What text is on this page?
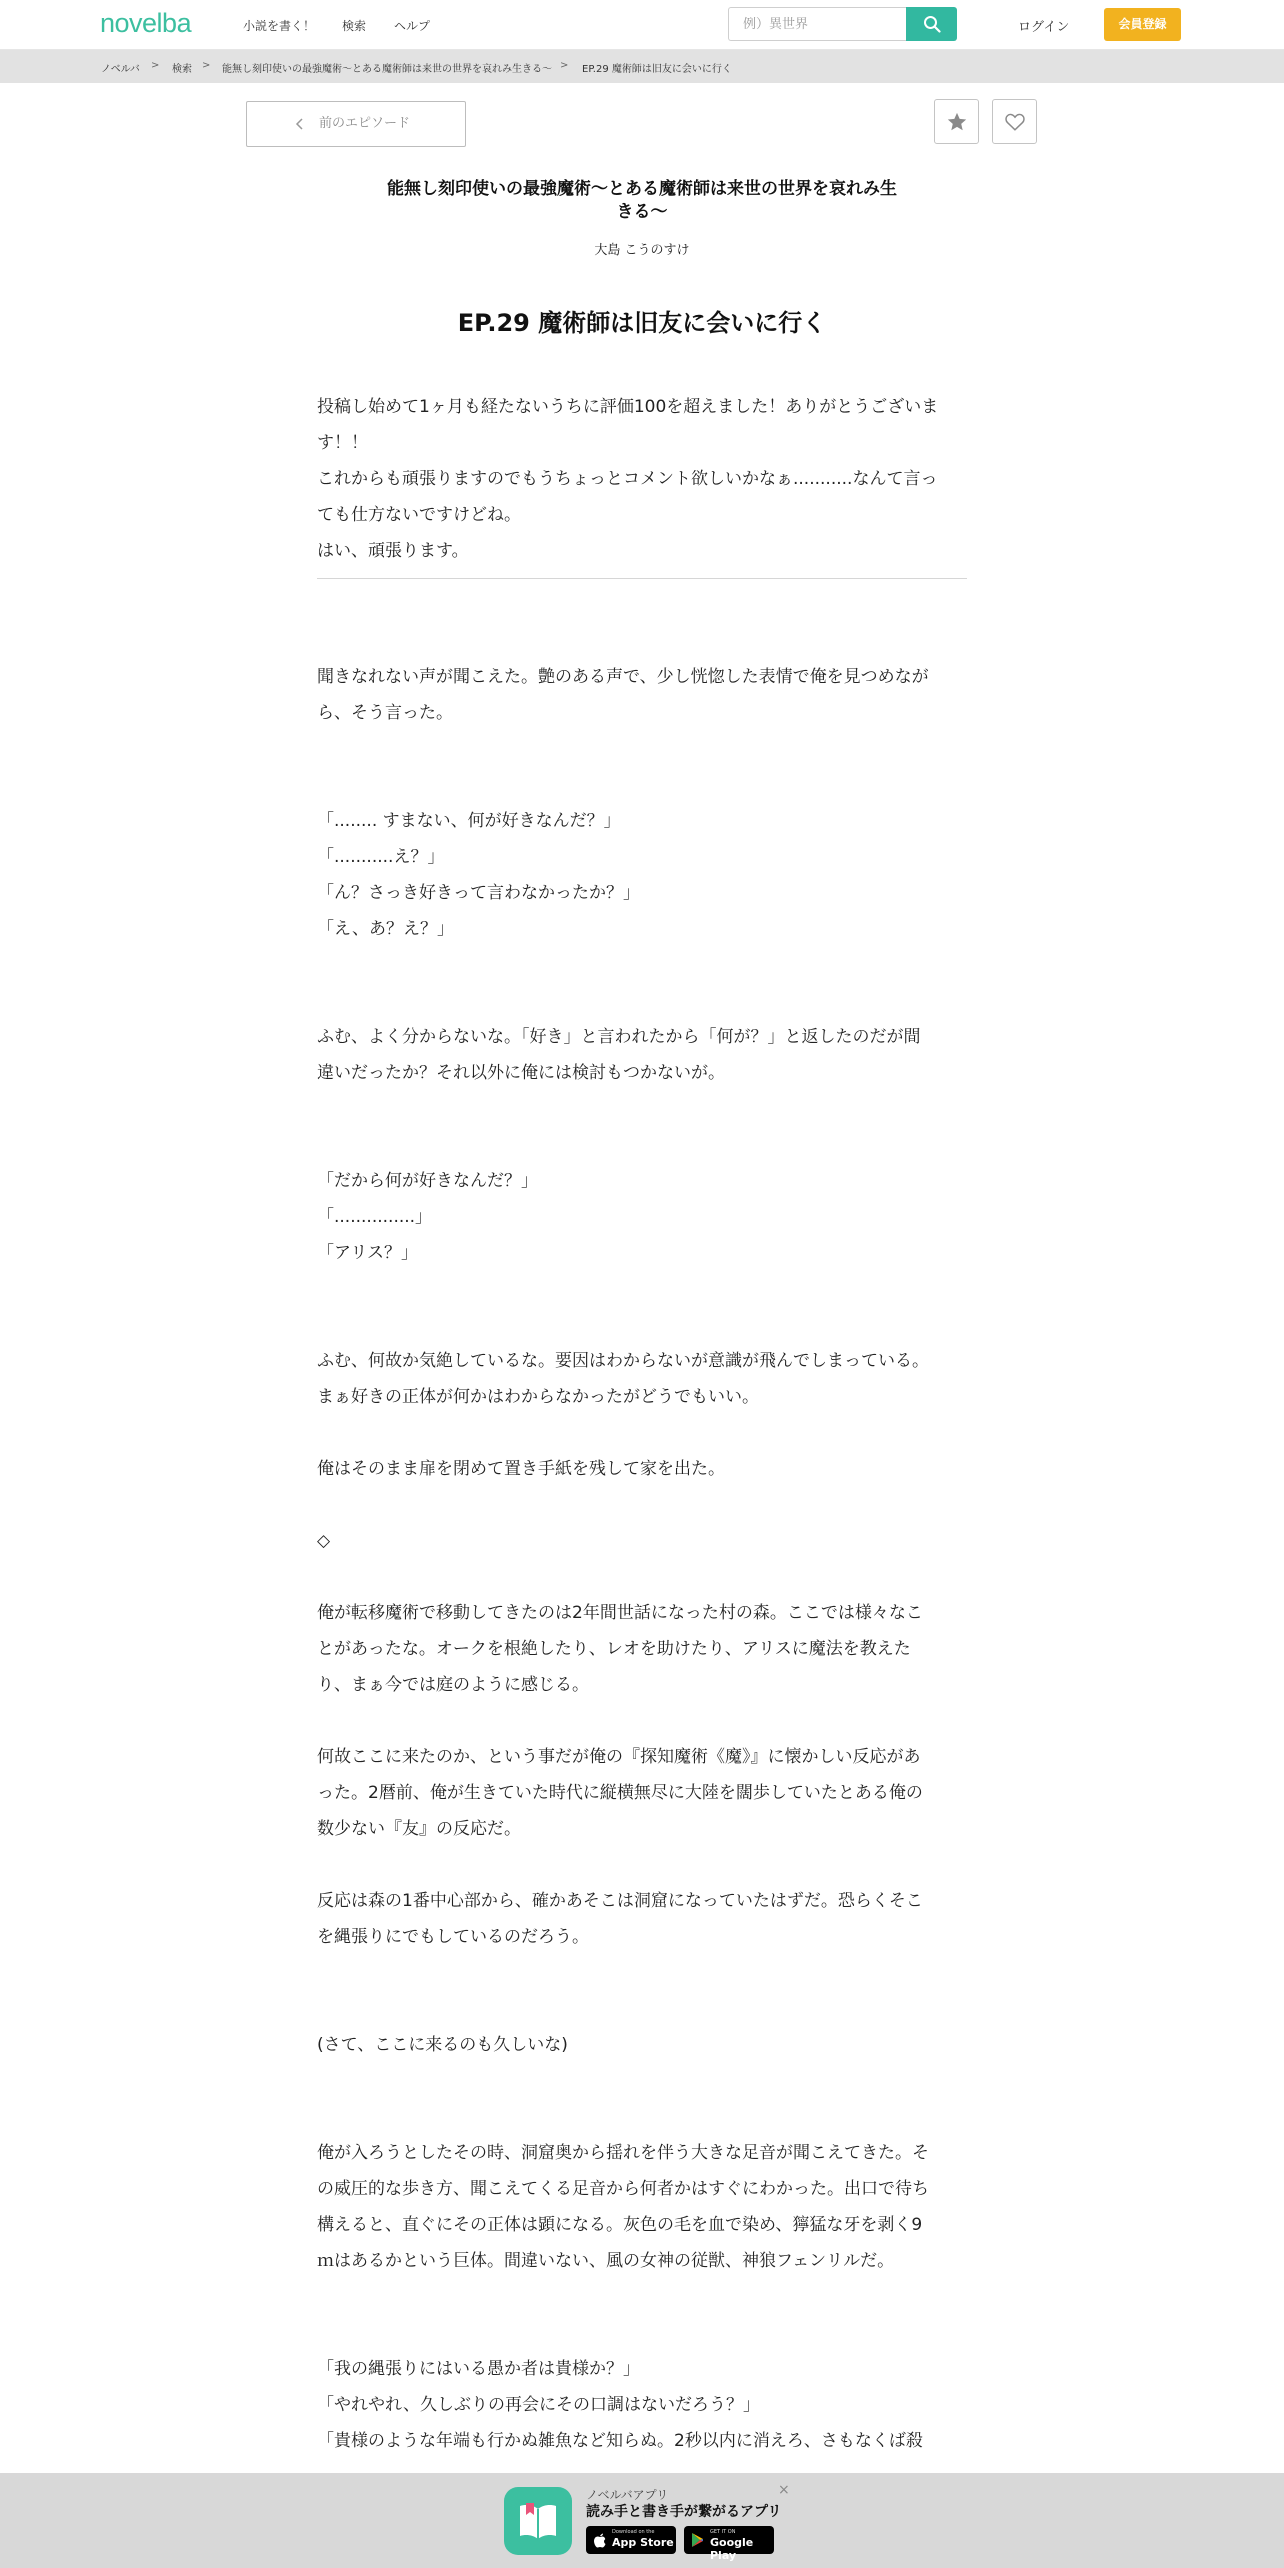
novelba	小説を書く！ 検索 ヘルプ
例）異世界	ログイン	会員登録
ノベルバ > 検索 > 能無し刻印使いの最強魔術〜とある魔術師は来世の世界を哀れみ生きる〜 > EP.29 魔術師は旧友に会いに行く
前のエピソード
能無し刻印使いの最強魔術〜とある魔術師は来世の世界を哀れみ生
きる〜
大島 こうのすけ
EP.29 魔術師は旧友に会いに行く
投稿し始めて1ヶ月も経たないうちに評価100を超えました！ありがとうございま
す！！
これからも頑張りますのでもうちょっとコメント欲しいかなぁ...........なんて言っ
ても仕方ないですけどね。
はい、頑張ります。
聞きなれない声が聞こえた。艶のある声で、少し恍惚した表情で俺を見つめなが
ら、そう言った。
「........ すまない、何が好きなんだ？」
「...........え？」
「ん？さっき好きって言わなかったか？」
「え、あ？え？」
ふむ、よく分からないな。「好き」と言われたから「何が？」と返したのだが間
違いだったか？それ以外に俺には検討もつかないが。
「だから何が好きなんだ？」
「...............」
「アリス？」
ふむ、何故か気絶しているな。要因はわからないが意識が飛んでしまっている。
まぁ好きの正体が何かはわからなかったがどうでもいい。
俺はそのまま扉を閉めて置き手紙を残して家を出た。
◇
俺が転移魔術で移動してきたのは2年間世話になった村の森。ここでは様々なこ
とがあったな。オークを根絶したり、レオを助けたり、アリスに魔法を教えた
り、まぁ今では庭のように感じる。
何故ここに来たのか、という事だが俺の『探知魔術《魔》』に懐かしい反応があ
った。2暦前、俺が生きていた時代に縦横無尽に大陸を闊歩していたとある俺の
数少ない『友』の反応だ。
反応は森の1番中心部から、確かあそこは洞窟になっていたはずだ。恐らくそこ
を縄張りにでもしているのだろう。
(さて、ここに来るのも久しいな)
俺が入ろうとしたその時、洞窟奥から揺れを伴う大きな足音が聞こえてきた。そ
の威圧的な歩き方、聞こえてくる足音から何者かはすぐにわかった。出口で待ち
構えると、直ぐにその正体は顕になる。灰色の毛を血で染め、獰猛な牙を剥く9
ｍはあるかという巨体。間違いない、風の女神の従獣、神狼フェンリルだ。
「我の縄張りにはいる愚か者は貴様か？」
「やれやれ、久しぶりの再会にその口調はないだろう？」
「貴様のような年端も行かぬ雑魚など知らぬ。2秒以内に消えろ、さもなくば殺
ノベルバアプリ
読み手と書き手が繋がるアプリ
×
Download on the
App Store
GET IT ON
Google Play
